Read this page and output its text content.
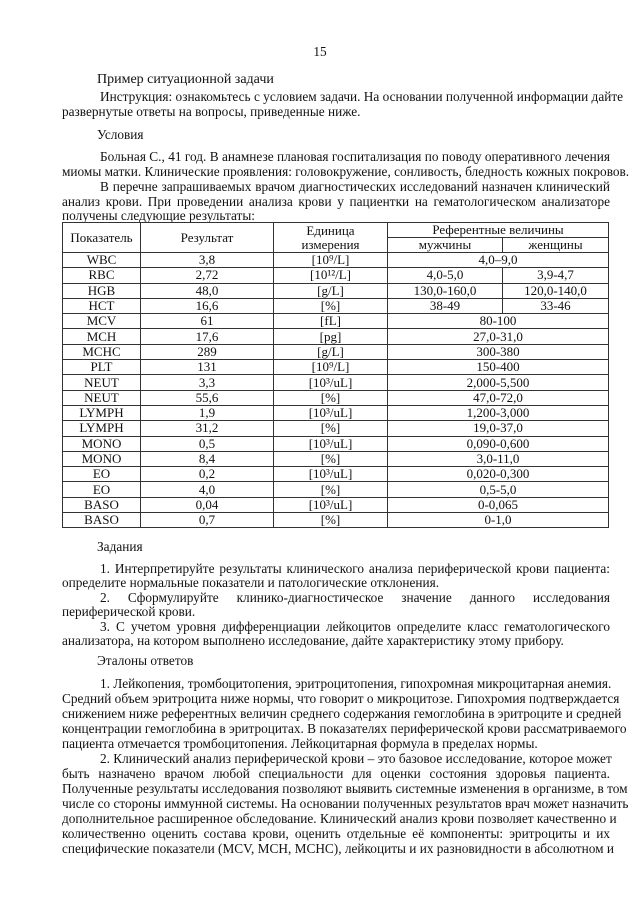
15
Пример ситуационной задачи
Условия
Задания
Эталоны ответов
Инструкция: ознакомьтесь с условием задачи. На основании полученной информации дайте
развернутые ответы на вопросы, приведенные ниже.
Больная С., 41 год. В анамнезе плановая госпитализация по поводу оперативного лечения
миомы матки. Клинические проявления: головокружение, сонливость, бледность кожных покровов.
В перечне запрашиваемых врачом диагностических исследований назначен клинический
анализ крови. При проведении анализа крови у пациентки на гематологическом анализаторе
получены следующие результаты:
1. Интерпретируйте результаты клинического анализа периферической крови пациента:
определите нормальные показатели и патологические отклонения.
2. Сформулируйте клинико-диагностическое значение данного исследования
периферической крови.
3. С учетом уровня дифференциации лейкоцитов определите класс гематологического
анализатора, на котором выполнено исследование, дайте характеристику этому прибору.
1. Лейкопения, тромбоцитопения, эритроцитопения, гипохромная микроцитарная анемия.
Средний объем эритроцита ниже нормы, что говорит о микроцитозе. Гипохромия подтверждается
снижением ниже референтных величин среднего содержания гемоглобина в эритроците и средней
концентрации гемоглобина в эритроцитах. В показателях периферической крови рассматриваемого
пациента отмечается тромбоцитопения. Лейкоцитарная формула в пределах нормы.
2. Клинический анализ периферической крови – это базовое исследование, которое может
быть назначено врачом любой специальности для оценки состояния здоровья пациента.
Полученные результаты исследования позволяют выявить системные изменения в организме, в том
числе со стороны иммунной системы. На основании полученных результатов врач может назначить
дополнительное расширенное обследование. Клинический анализ крови позволяет качественно и
количественно оценить состава крови, оценить отдельные её компоненты: эритроциты и их
специфические показатели (MCV, MCH, MCHC), лейкоциты и их разновидности в абсолютном и
Показатель	Результат	Единица измерения	Референтные величины	
			мужчины	женщины
WBC	3,8	[10⁹/L]	4,0–9,0	
RBC	2,72	[10¹²/L]	4,0-5,0	3,9-4,7
HGB	48,0	[g/L]	130,0-160,0	120,0-140,0
HCT	16,6	[%]	38-49	33-46
MCV	61	[fL]	80-100	
MCH	17,6	[pg]	27,0-31,0	
MCHC	289	[g/L]	300-380	
PLT	131	[10⁹/L]	150-400	
NEUT	3,3	[10³/uL]	2,000-5,500	
NEUT	55,6	[%]	47,0-72,0	
LYMPH	1,9	[10³/uL]	1,200-3,000	
LYMPH	31,2	[%]	19,0-37,0	
MONO	0,5	[10³/uL]	0,090-0,600	
MONO	8,4	[%]	3,0-11,0	
EO	0,2	[10³/uL]	0,020-0,300	
EO	4,0	[%]	0,5-5,0	
BASO	0,04	[10³/uL]	0-0,065	
BASO	0,7	[%]	0-1,0	
